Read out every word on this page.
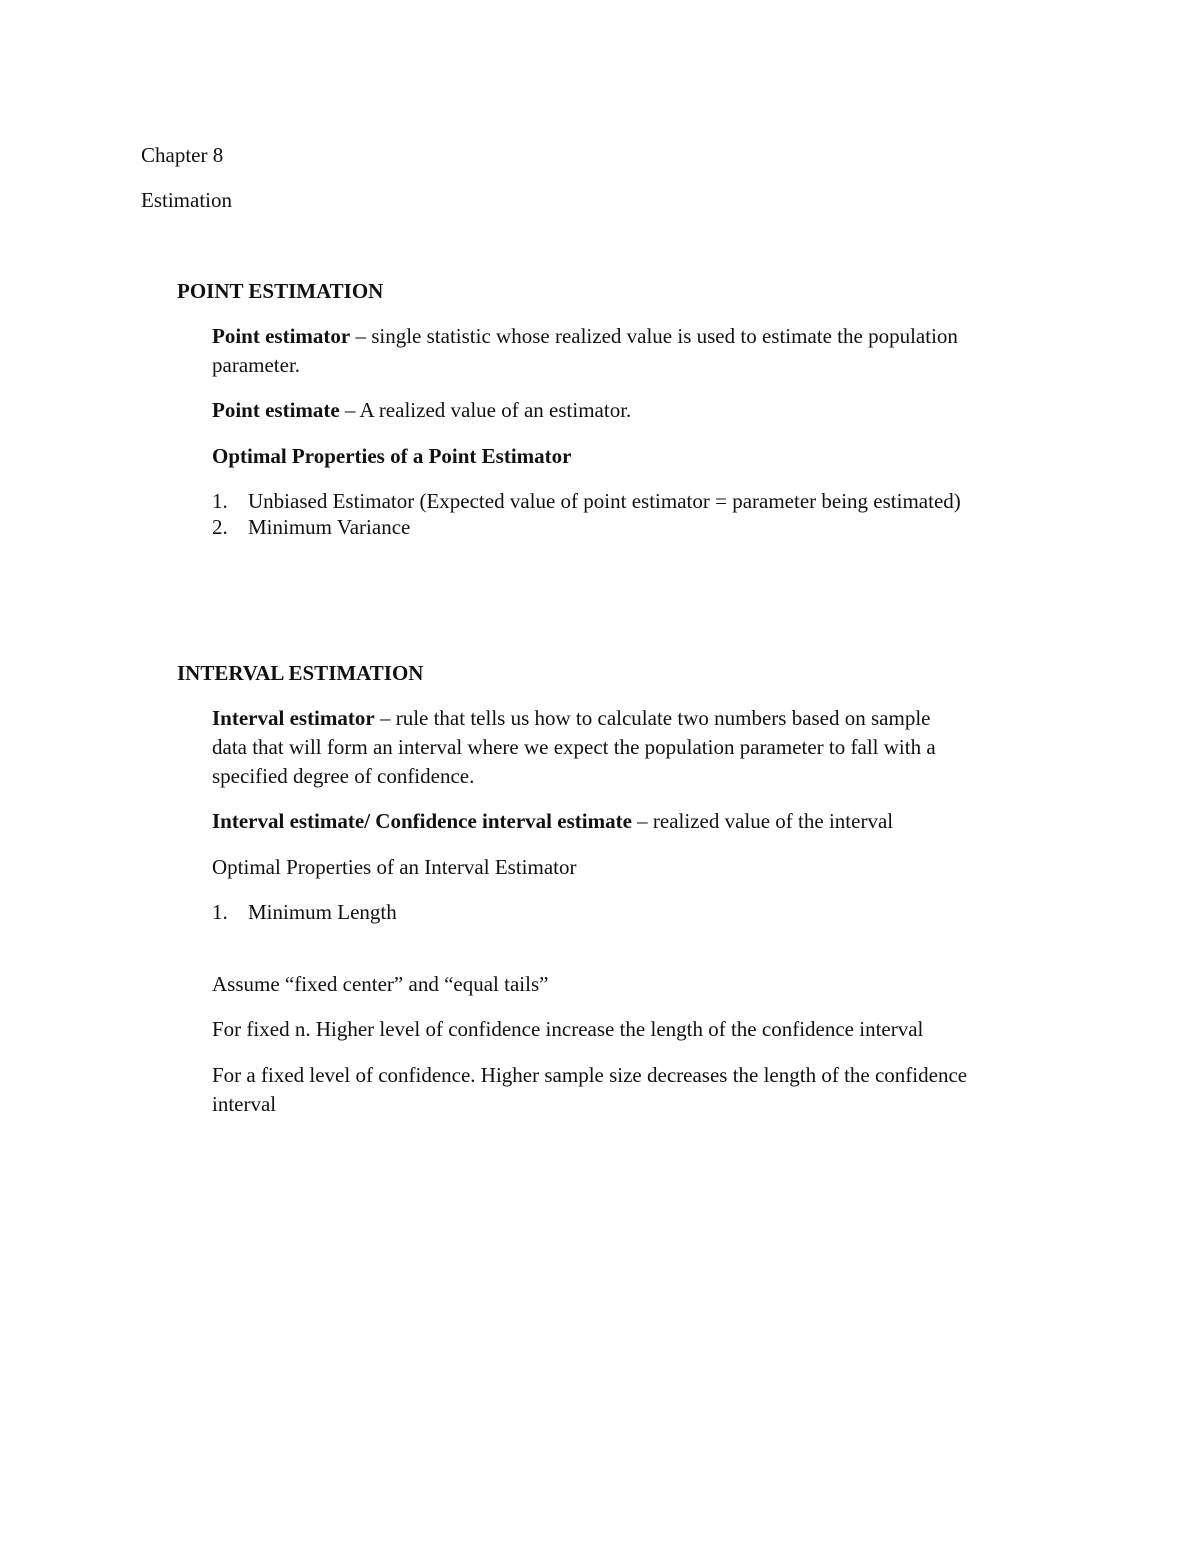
Chapter 8
Estimation
POINT ESTIMATION
Point estimator – single statistic whose realized value is used to estimate the population
parameter.
Point estimate – A realized value of an estimator.
Optimal Properties of a Point Estimator
1. Unbiased Estimator (Expected value of point estimator = parameter being estimated)
2. Minimum Variance
INTERVAL ESTIMATION
Interval estimator – rule that tells us how to calculate two numbers based on sample
data that will form an interval where we expect the population parameter to fall with a
specified degree of confidence.
Interval estimate/ Confidence interval estimate – realized value of the interval
Optimal Properties of an Interval Estimator
1. Minimum Length
Assume “fixed center” and “equal tails”
For fixed n. Higher level of confidence increase the length of the confidence interval
For a fixed level of confidence. Higher sample size decreases the length of the confidence
interval
